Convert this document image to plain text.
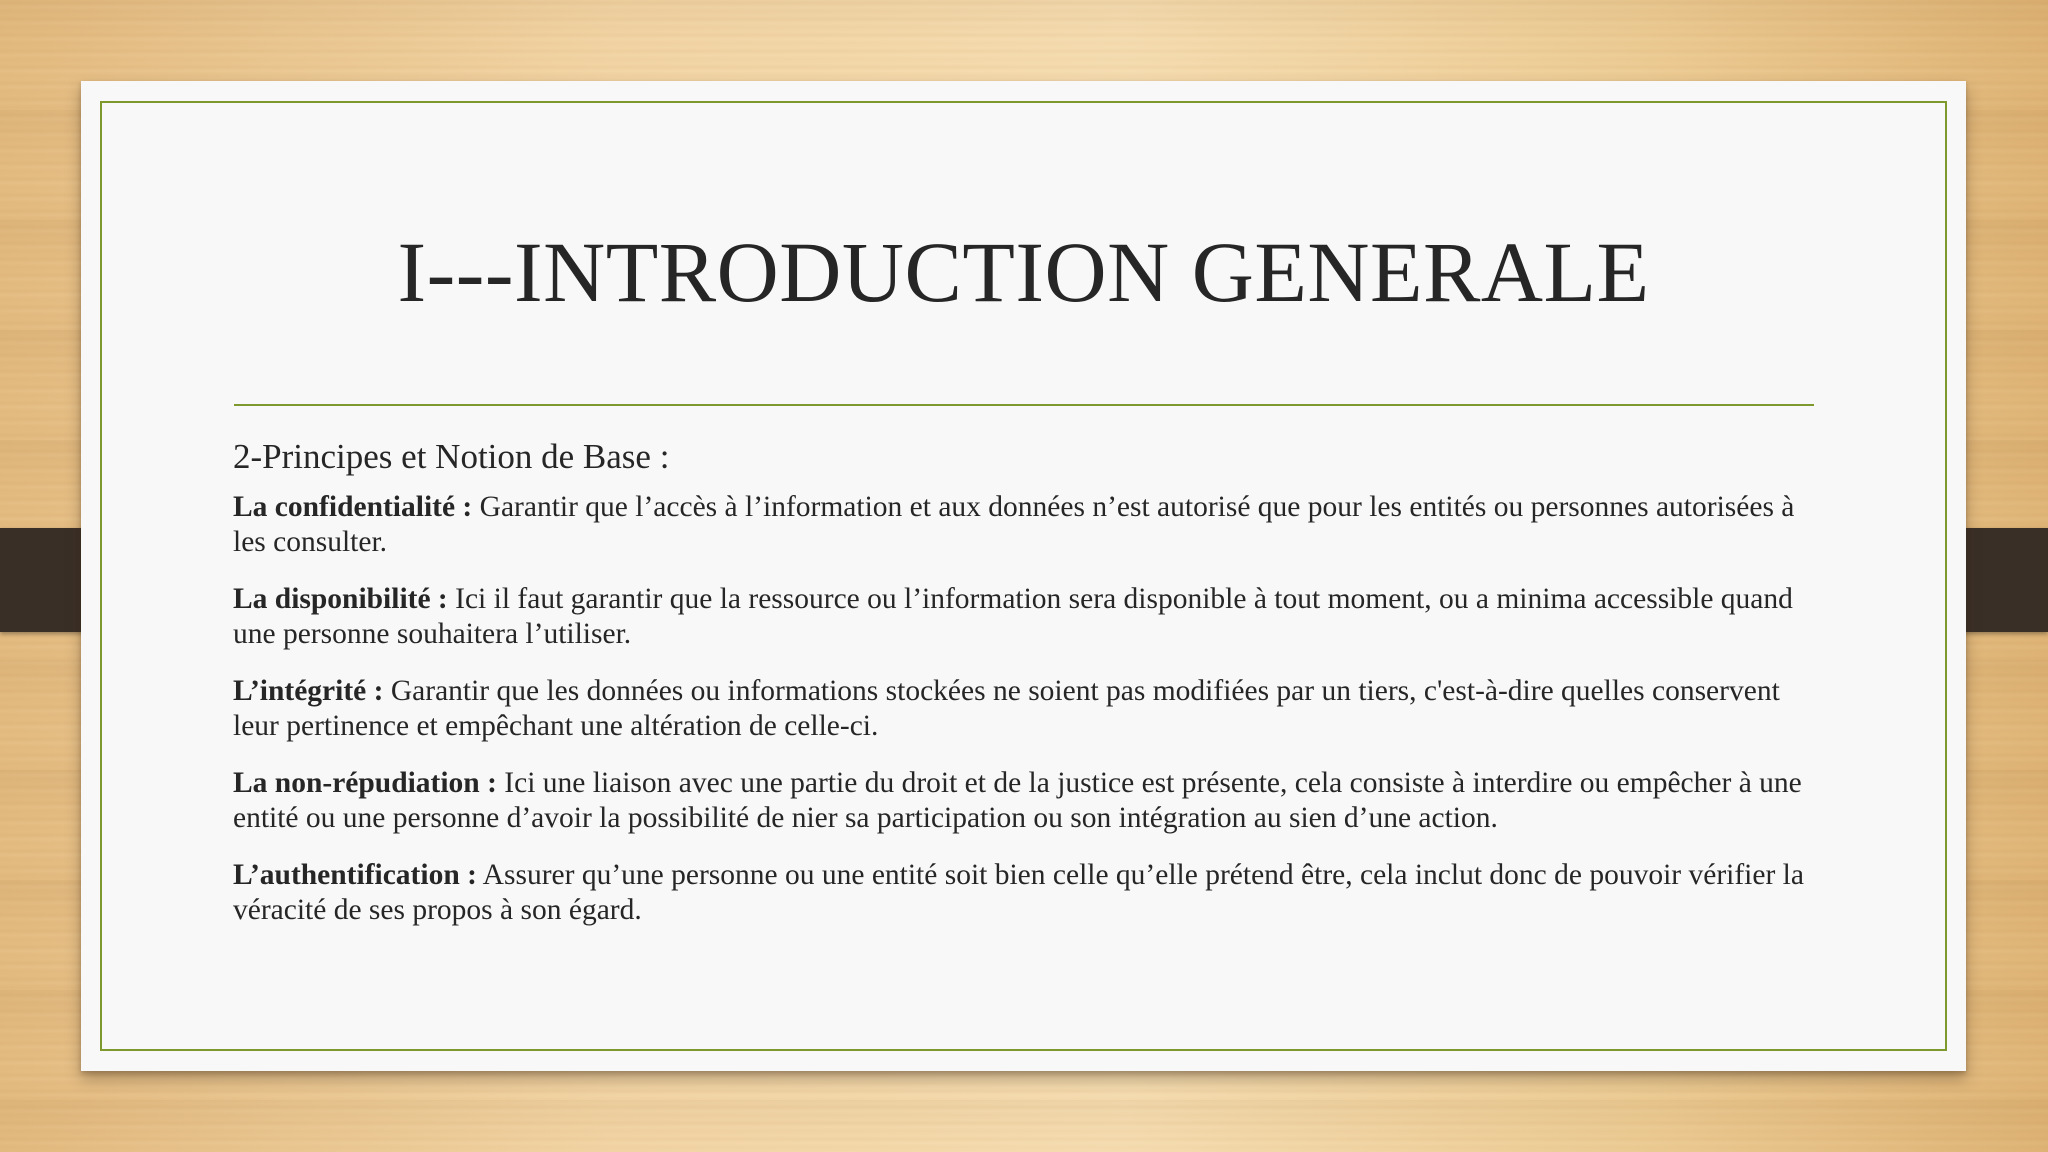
I---INTRODUCTION GENERALE

2-Principes et Notion de Base :

La confidentialité : Garantir que l’accès à l’information et aux données n’est autorisé que pour les entités ou personnes autorisées à les consulter.

La disponibilité : Ici il faut garantir que la ressource ou l’information sera disponible à tout moment, ou a minima accessible quand une personne souhaitera l’utiliser.

L’intégrité : Garantir que les données ou informations stockées ne soient pas modifiées par un tiers, c'est-à-dire quelles conservent leur pertinence et empêchant une altération de celle-ci.

La non-répudiation : Ici une liaison avec une partie du droit et de la justice est présente, cela consiste à interdire ou empêcher à une entité ou une personne d’avoir la possibilité de nier sa participation ou son intégration au sien d’une action.

L’authentification : Assurer qu’une personne ou une entité soit bien celle qu’elle prétend être, cela inclut donc de pouvoir vérifier la véracité de ses propos à son égard.
